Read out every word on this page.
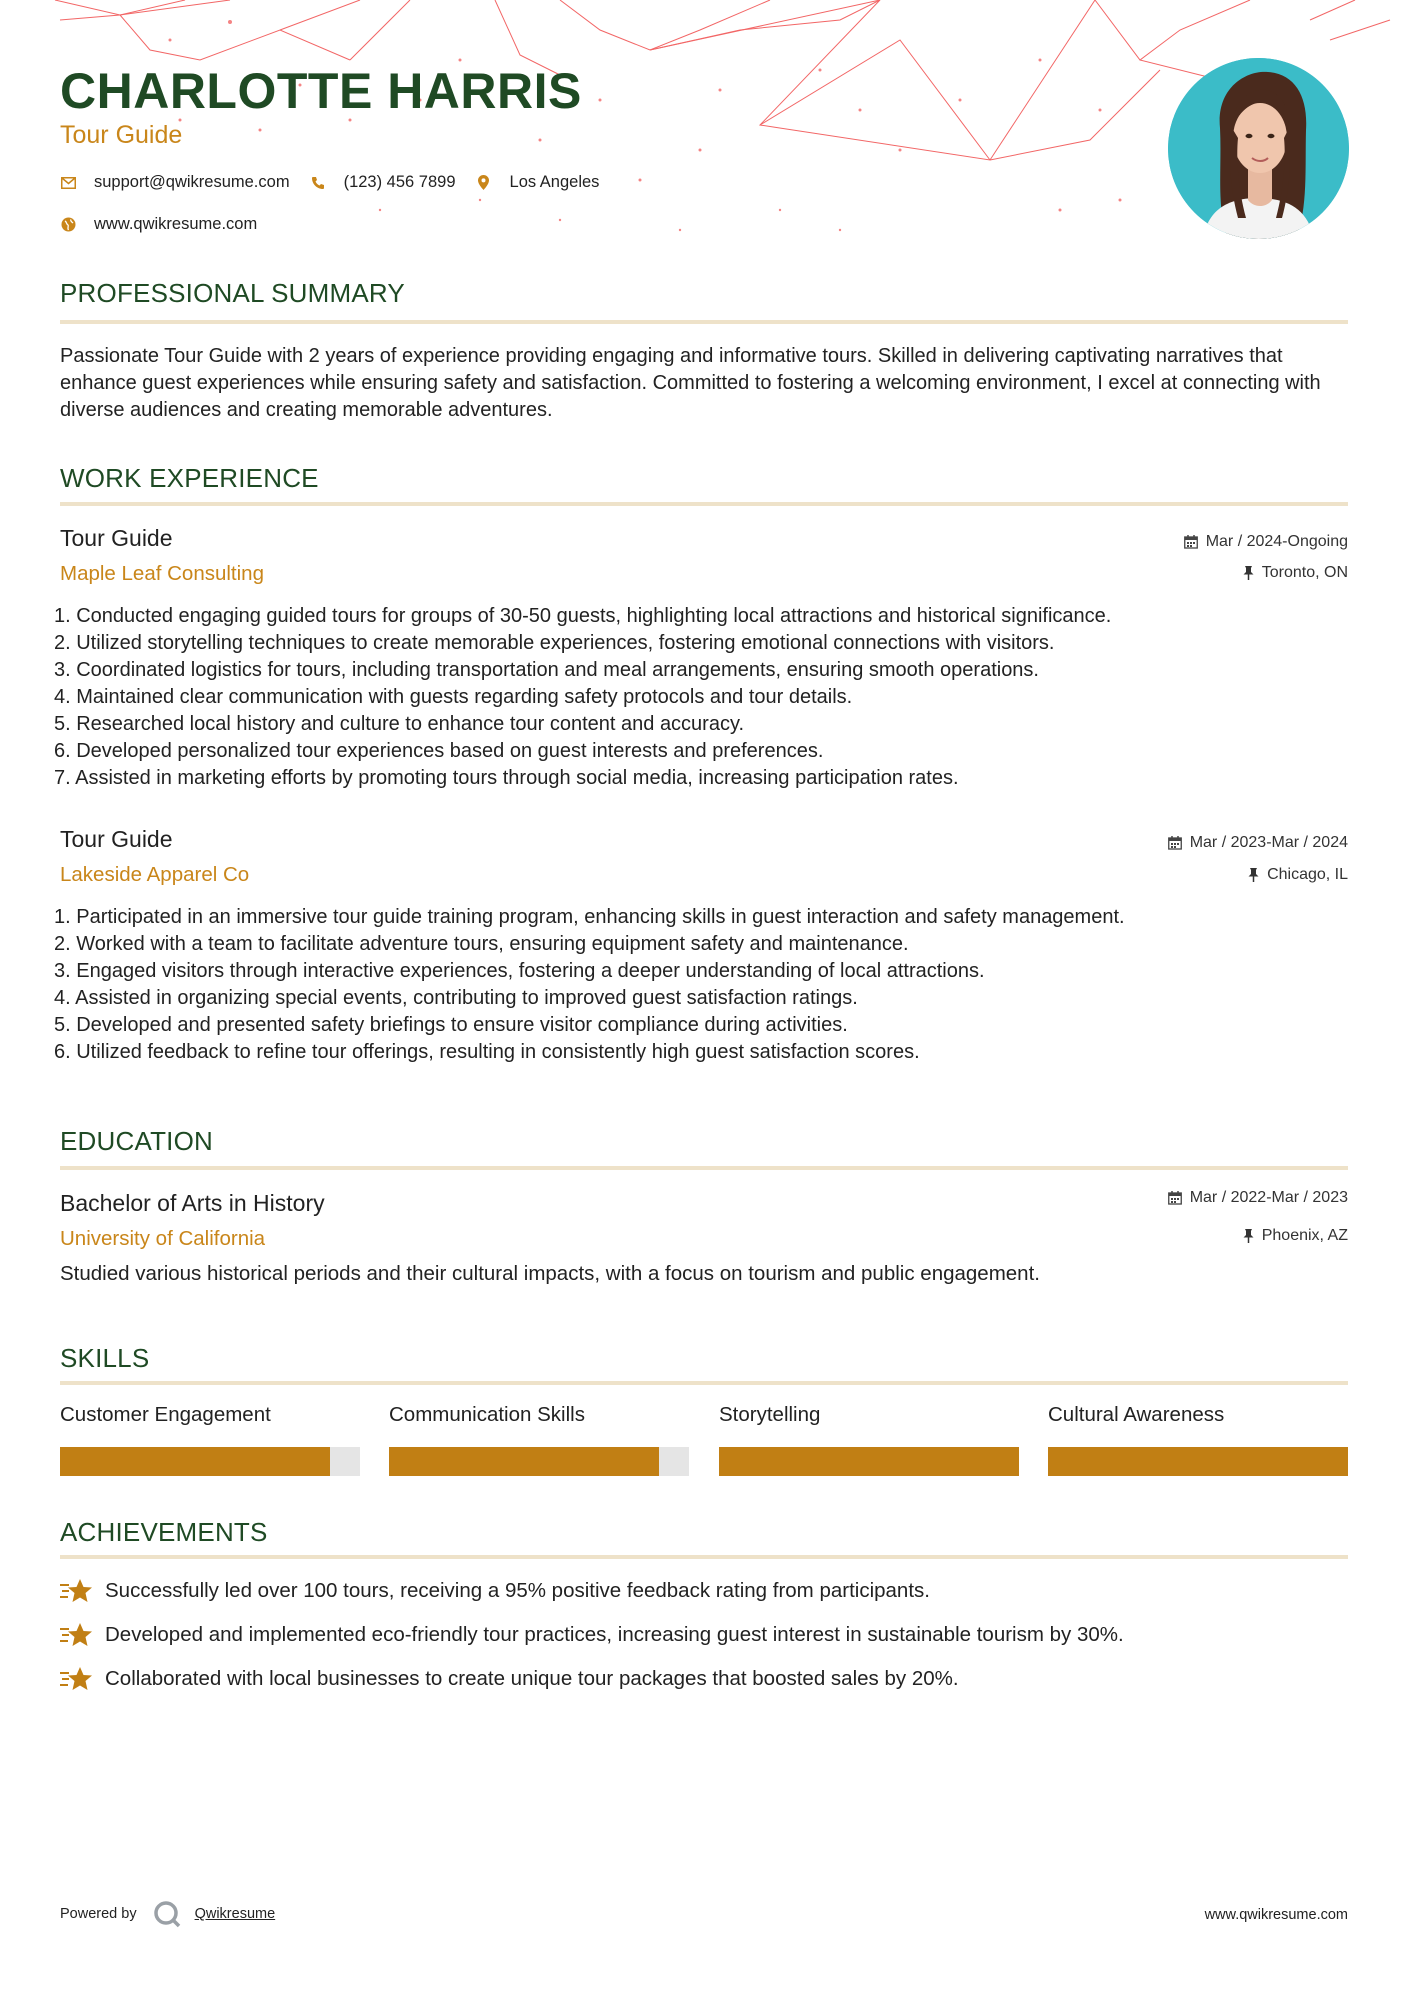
CHARLOTTE HARRIS
Tour Guide
support@qwikresume.com	(123) 456 7899	Los Angeles
www.qwikresume.com
PROFESSIONAL SUMMARY
Passionate Tour Guide with 2 years of experience providing engaging and informative tours. Skilled in delivering captivating narratives that enhance guest experiences while ensuring safety and satisfaction. Committed to fostering a welcoming environment, I excel at connecting with diverse audiences and creating memorable adventures.
WORK EXPERIENCE
Tour Guide
Maple Leaf Consulting
Mar / 2024-Ongoing
Toronto, ON
1. Conducted engaging guided tours for groups of 30-50 guests, highlighting local attractions and historical significance.
2. Utilized storytelling techniques to create memorable experiences, fostering emotional connections with visitors.
3. Coordinated logistics for tours, including transportation and meal arrangements, ensuring smooth operations.
4. Maintained clear communication with guests regarding safety protocols and tour details.
5. Researched local history and culture to enhance tour content and accuracy.
6. Developed personalized tour experiences based on guest interests and preferences.
7. Assisted in marketing efforts by promoting tours through social media, increasing participation rates.
Tour Guide
Lakeside Apparel Co
Mar / 2023-Mar / 2024
Chicago, IL
1. Participated in an immersive tour guide training program, enhancing skills in guest interaction and safety management.
2. Worked with a team to facilitate adventure tours, ensuring equipment safety and maintenance.
3. Engaged visitors through interactive experiences, fostering a deeper understanding of local attractions.
4. Assisted in organizing special events, contributing to improved guest satisfaction ratings.
5. Developed and presented safety briefings to ensure visitor compliance during activities.
6. Utilized feedback to refine tour offerings, resulting in consistently high guest satisfaction scores.
EDUCATION
Bachelor of Arts in History
University of California
Mar / 2022-Mar / 2023
Phoenix, AZ
Studied various historical periods and their cultural impacts, with a focus on tourism and public engagement.
SKILLS
Customer Engagement	Communication Skills	Storytelling	Cultural Awareness
ACHIEVEMENTS
Successfully led over 100 tours, receiving a 95% positive feedback rating from participants.
Developed and implemented eco-friendly tour practices, increasing guest interest in sustainable tourism by 30%.
Collaborated with local businesses to create unique tour packages that boosted sales by 20%.
Powered by	Qwikresume	www.qwikresume.com
